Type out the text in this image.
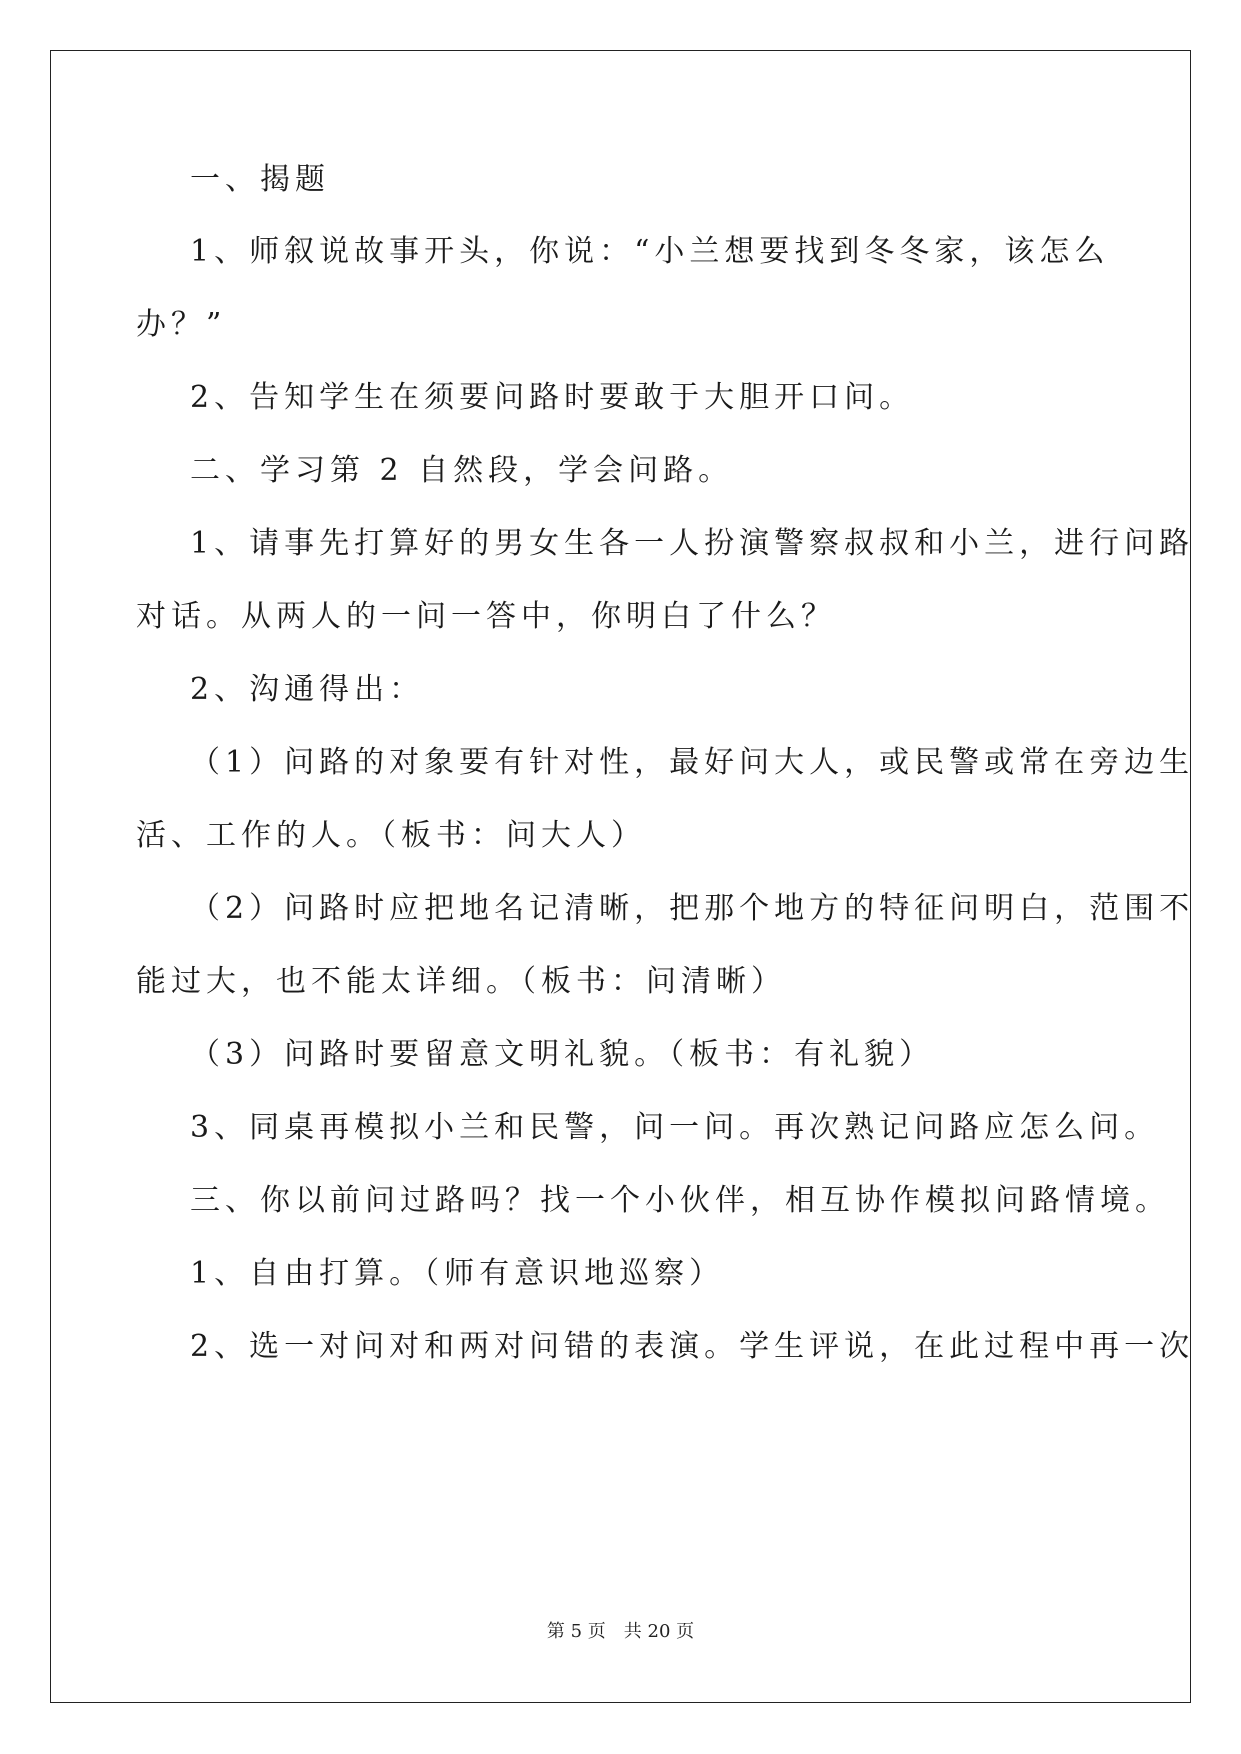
一、揭题
1、师叙说故事开头，你说：“小兰想要找到冬冬家，该怎么
办？”
2、告知学生在须要问路时要敢于大胆开口问。
二、学习第 2 自然段，学会问路。
1、请事先打算好的男女生各一人扮演警察叔叔和小兰，进行问路
对话。从两人的一问一答中，你明白了什么？
2、沟通得出：
（1）问路的对象要有针对性，最好问大人，或民警或常在旁边生
活、工作的人。（板书：问大人）
（2）问路时应把地名记清晰，把那个地方的特征问明白，范围不
能过大，也不能太详细。（板书：问清晰）
（3）问路时要留意文明礼貌。（板书：有礼貌）
3、同桌再模拟小兰和民警，问一问。再次熟记问路应怎么问。
三、你以前问过路吗？找一个小伙伴，相互协作模拟问路情境。
1、自由打算。（师有意识地巡察）
2、选一对问对和两对问错的表演。学生评说，在此过程中再一次
第 5 页　共 20 页
